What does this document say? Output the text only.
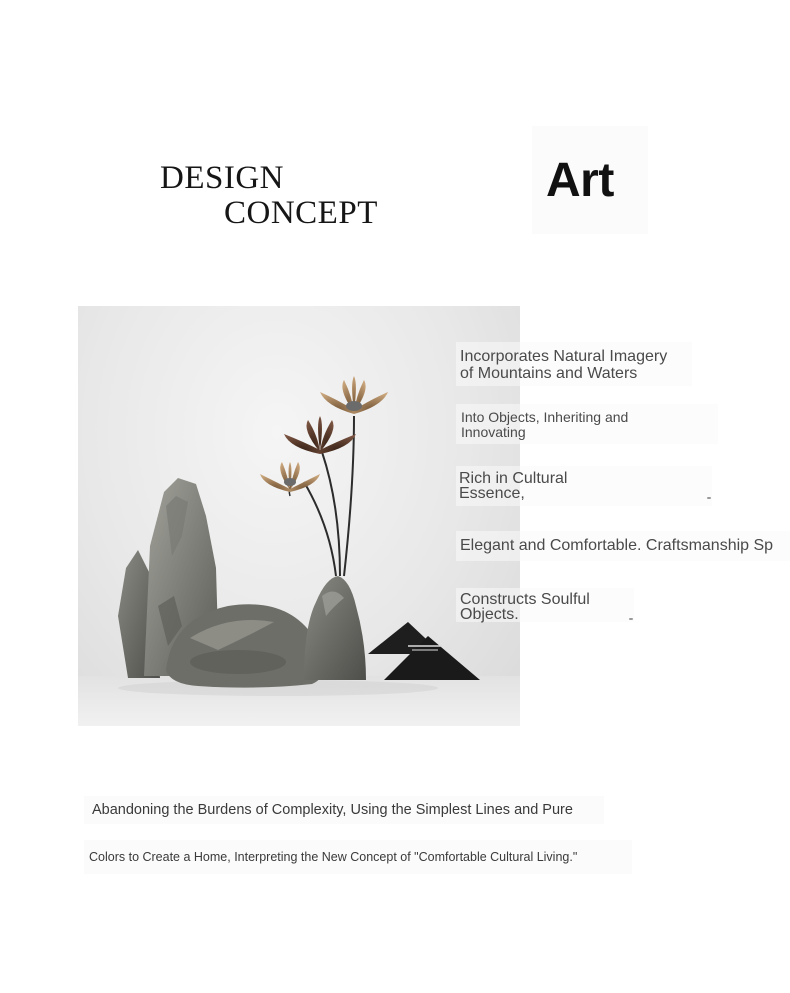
DESIGN
CONCEPT
Art
Incorporates Natural Imagery
of Mountains and Waters
Into Objects, Inheriting and
Innovating
Rich in Cultural
Essence,
Elegant and Comfortable. Craftsmanship Sp
Constructs Soulful
Objects.
Abandoning the Burdens of Complexity, Using the Simplest Lines and Pure
Colors to Create a Home, Interpreting the New Concept of "Comfortable Cultural Living."
